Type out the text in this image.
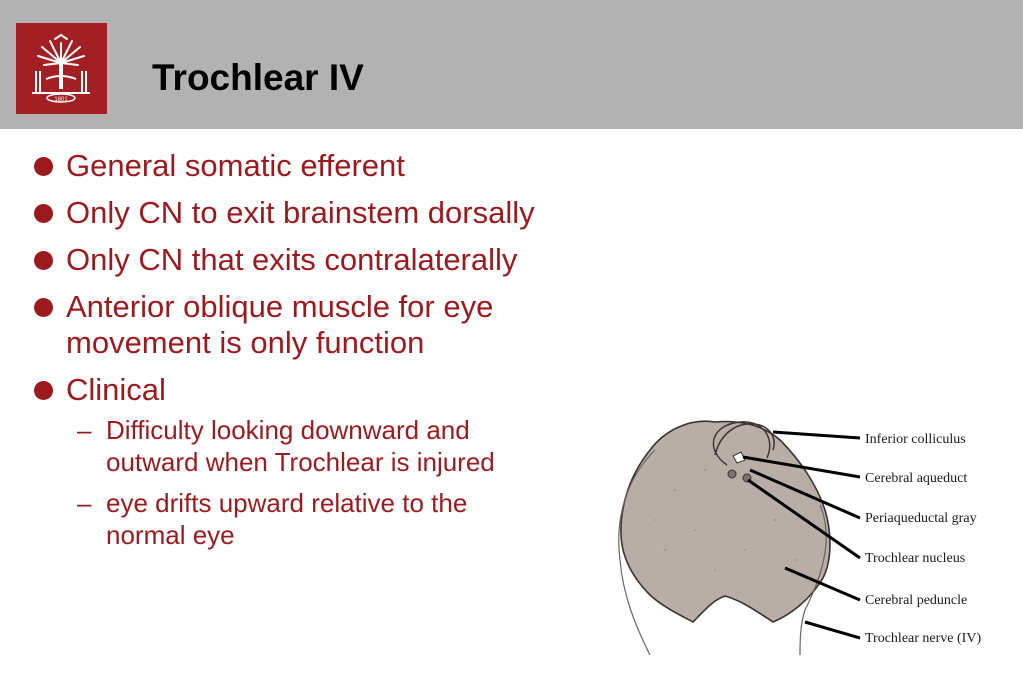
1801
Trochlear IV
General somatic efferent
Only CN to exit brainstem dorsally
Only CN that exits contralaterally
Anterior oblique muscle for eye movement is only function
Clinical
– Difficulty looking downward and outward when Trochlear is injured
– eye drifts upward relative to the normal eye
Inferior colliculus
Cerebral aqueduct
Periaqueductal gray
Trochlear nucleus
Cerebral peduncle
Trochlear nerve (IV)
